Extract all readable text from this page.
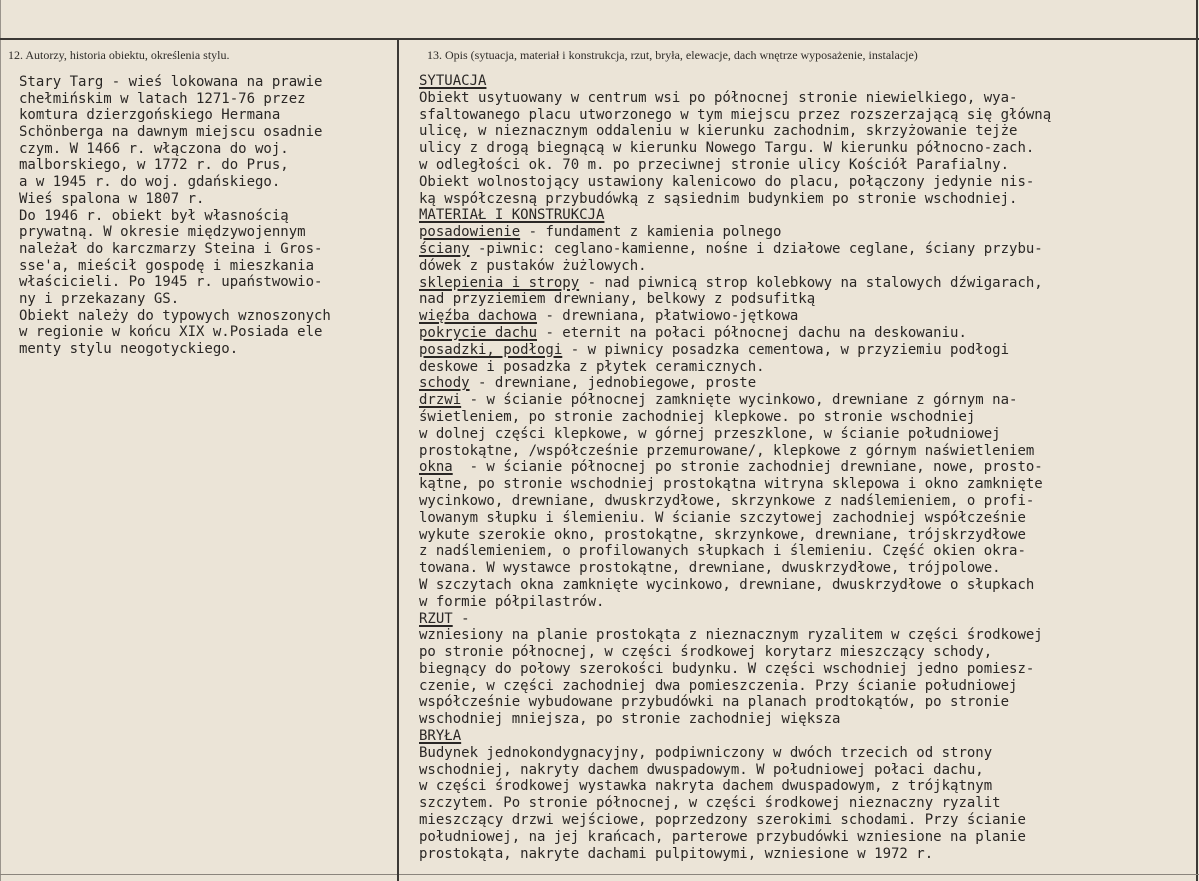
12. Autorzy, historia obiektu, określenia stylu.	13. Opis (sytuacja, materiał i konstrukcja, rzut, bryła, elewacje, dach wnętrze wyposażenie, instalacje)
Stary Targ - wieś lokowana na prawie
chełmińskim w latach 1271-76 przez
komtura dzierzgońskiego Hermana
Schönberga na dawnym miejscu osadnie
czym. W 1466 r. włączona do woj.
malborskiego, w 1772 r. do Prus,
a w 1945 r. do woj. gdańskiego.
Wieś spalona w 1807 r.
Do 1946 r. obiekt był własnością
prywatną. W okresie międzywojennym
należał do karczmarzy Steina i Gros-
sse'a, mieścił gospodę i mieszkania
właścicieli. Po 1945 r. upaństwowio-
ny i przekazany GS.
Obiekt należy do typowych wznoszonych
w regionie w końcu XIX w.Posiada ele
menty stylu neogotyckiego.
SYTUACJA
Obiekt usytuowany w centrum wsi po północnej stronie niewielkiego, wya-
sfaltowanego placu utworzonego w tym miejscu przez rozszerzającą się główną
ulicę, w nieznacznym oddaleniu w kierunku zachodnim, skrzyżowanie tejże
ulicy z drogą biegnącą w kierunku Nowego Targu. W kierunku północno-zach.
w odległości ok. 70 m. po przeciwnej stronie ulicy Kościół Parafialny.
Obiekt wolnostojący ustawiony kalenicowo do placu, połączony jedynie nis-
ką współczesną przybudówką z sąsiednim budynkiem po stronie wschodniej.
MATERIAŁ I KONSTRUKCJA
posadowienie - fundament z kamienia polnego
ściany -piwnic: ceglano-kamienne, nośne i działowe ceglane, ściany przybu-
dówek z pustaków żużlowych.
sklepienia i stropy - nad piwnicą strop kolebkowy na stalowych dźwigarach,
nad przyziemiem drewniany, belkowy z podsufitką
więźba dachowa - drewniana, płatwiowo-jętkowa
pokrycie dachu - eternit na połaci północnej dachu na deskowaniu.
posadzki, podłogi - w piwnicy posadzka cementowa, w przyziemiu podłogi
deskowe i posadzka z płytek ceramicznych.
schody - drewniane, jednobiegowe, proste
drzwi - w ścianie północnej zamknięte wycinkowo, drewniane z górnym na-
świetleniem, po stronie zachodniej klepkowe. po stronie wschodniej
w dolnej części klepkowe, w górnej przeszklone, w ścianie południowej
prostokątne, /współcześnie przemurowane/, klepkowe z górnym naświetleniem
okna  - w ścianie północnej po stronie zachodniej drewniane, nowe, prosto-
kątne, po stronie wschodniej prostokątna witryna sklepowa i okno zamknięte
wycinkowo, drewniane, dwuskrzydłowe, skrzynkowe z nadślemieniem, o profi-
lowanym słupku i ślemieniu. W ścianie szczytowej zachodniej współcześnie
wykute szerokie okno, prostokątne, skrzynkowe, drewniane, trójskrzydłowe
z nadślemieniem, o profilowanych słupkach i ślemieniu. Część okien okra-
towana. W wystawce prostokątne, drewniane, dwuskrzydłowe, trójpolowe.
W szczytach okna zamknięte wycinkowo, drewniane, dwuskrzydłowe o słupkach
w formie półpilastrów.
RZUT -
wzniesiony na planie prostokąta z nieznacznym ryzalitem w części środkowej
po stronie północnej, w części środkowej korytarz mieszczący schody,
biegnący do połowy szerokości budynku. W części wschodniej jedno pomiesz-
czenie, w części zachodniej dwa pomieszczenia. Przy ścianie południowej
współcześnie wybudowane przybudówki na planach prodtokątów, po stronie
wschodniej mniejsza, po stronie zachodniej większa
BRYŁA
Budynek jednokondygnacyjny, podpiwniczony w dwóch trzecich od strony
wschodniej, nakryty dachem dwuspadowym. W południowej połaci dachu,
w części środkowej wystawka nakryta dachem dwuspadowym, z trójkątnym
szczytem. Po stronie północnej, w części środkowej nieznaczny ryzalit
mieszczący drzwi wejściowe, poprzedzony szerokimi schodami. Przy ścianie
południowej, na jej krańcach, parterowe przybudówki wzniesione na planie
prostokąta, nakryte dachami pulpitowymi, wzniesione w 1972 r.
